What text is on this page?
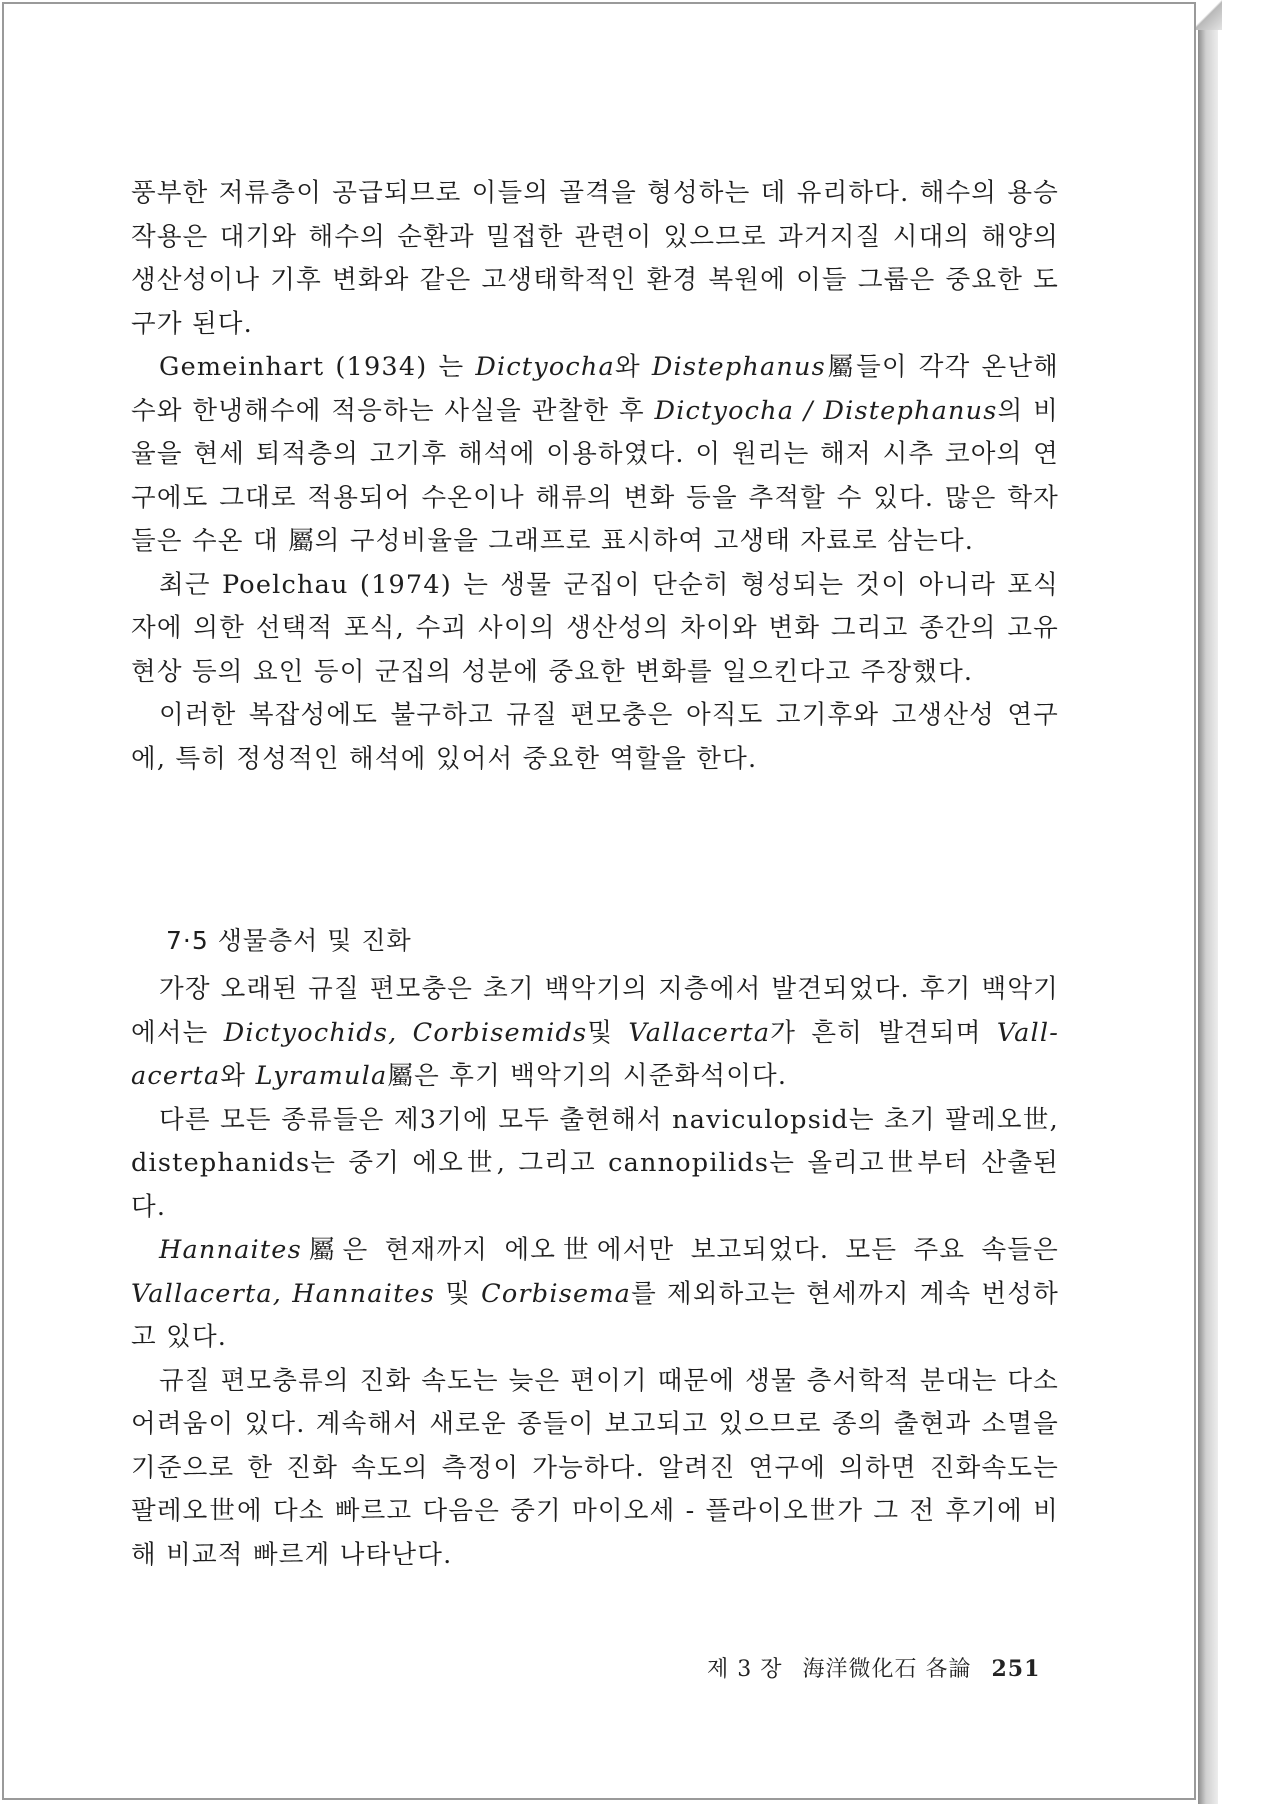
풍부한 저류층이 공급되므로 이들의 골격을 형성하는 데 유리하다. 해수의 용승 작용은 대기와 해수의 순환과 밀접한 관련이 있으므로 과거지질 시대의 해양의 생산성이나 기후 변화와 같은 고생태학적인 환경 복원에 이들 그룹은 중요한 도구가 된다.

Gemeinhart (1934) 는 Dictyocha와 Distephanus屬들이 각각 온난해수와 한냉해수에 적응하는 사실을 관찰한 후 Dictyocha / Distephanus의 비율을 현세 퇴적층의 고기후 해석에 이용하였다. 이 원리는 해저 시추 코아의 연구에도 그대로 적용되어 수온이나 해류의 변화 등을 추적할 수 있다. 많은 학자들은 수온 대 屬의 구성비율을 그래프로 표시하여 고생태 자료로 삼는다.

최근 Poelchau (1974) 는 생물 군집이 단순히 형성되는 것이 아니라 포식자에 의한 선택적 포식, 수괴 사이의 생산성의 차이와 변화 그리고 종간의 고유현상 등의 요인 등이 군집의 성분에 중요한 변화를 일으킨다고 주장했다.

이러한 복잡성에도 불구하고 규질 편모충은 아직도 고기후와 고생산성 연구에, 특히 정성적인 해석에 있어서 중요한 역할을 한다.

7·5 생물층서 및 진화

가장 오래된 규질 편모충은 초기 백악기의 지층에서 발견되었다. 후기 백악기에서는 Dictyochids, Corbisemids및 Vallacerta가 흔히 발견되며 Vall-acerta와 Lyramula屬은 후기 백악기의 시준화석이다.

다른 모든 종류들은 제3기에 모두 출현해서 naviculopsid는 초기 팔레오世, distephanids는 중기 에오世, 그리고 cannopilids는 올리고世부터 산출된다.

Hannaites屬은 현재까지 에오世에서만 보고되었다. 모든 주요 속들은 Vallacerta, Hannaites 및 Corbisema를 제외하고는 현세까지 계속 번성하고 있다.

규질 편모충류의 진화 속도는 늦은 편이기 때문에 생물 층서학적 분대는 다소 어려움이 있다. 계속해서 새로운 종들이 보고되고 있으므로 종의 출현과 소멸을 기준으로 한 진화 속도의 측정이 가능하다. 알려진 연구에 의하면 진화속도는 팔레오世에 다소 빠르고 다음은 중기 마이오세 - 플라이오世가 그 전 후기에 비해 비교적 빠르게 나타난다.

제 3 장 海洋微化石 各論 251
